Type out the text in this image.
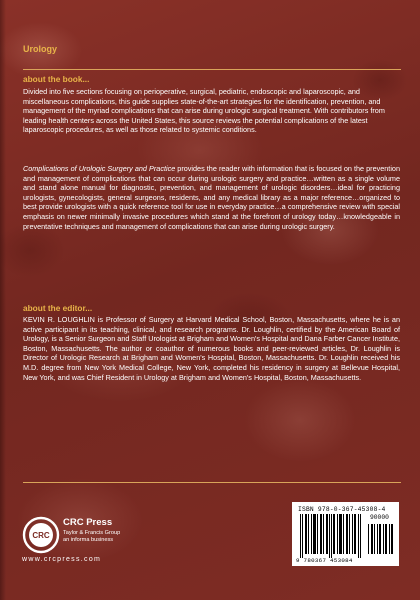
Urology

about the book...

Divided into five sections focusing on perioperative, surgical, pediatric, endoscopic and laparoscopic, and miscellaneous complications, this guide supplies state-of-the-art strategies for the identification, prevention, and management of the myriad complications that can arise during urologic surgical treatment. With contributors from leading health centers across the United States, this source reviews the potential complications of the latest laparoscopic procedures, as well as those related to systemic conditions.

Complications of Urologic Surgery and Practice provides the reader with information that is focused on the prevention and management of complications that can occur during urologic surgery and practice…written as a single volume and stand alone manual for diagnostic, prevention, and management of urologic disorders…ideal for practicing urologists, gynecologists, general surgeons, residents, and any medical library as a major reference…organized to best provide urologists with a quick reference tool for use in everyday practice…a comprehensive review with special emphasis on newer minimally invasive procedures which stand at the forefront of urology today…knowledgeable in preventative techniques and management of complications that can arise during urologic surgery.

about the editor...

KEVIN R. LOUGHLIN is Professor of Surgery at Harvard Medical School, Boston, Massachusetts, where he is an active participant in its teaching, clinical, and research programs. Dr. Loughlin, certified by the American Board of Urology, is a Senior Surgeon and Staff Urologist at Brigham and Women's Hospital and Dana Farber Cancer Institute, Boston, Massachusetts. The author or coauthor of numerous books and peer-reviewed articles, Dr. Loughlin is Director of Urologic Research at Brigham and Women's Hospital, Boston, Massachusetts. Dr. Loughlin received his M.D. degree from New York Medical College, New York, completed his residency in surgery at Bellevue Hospital, New York, and was Chief Resident in Urology at Brigham and Women's Hospital, Boston, Massachusetts.

ISBN 978-0-367-45308-4
90000
9 780367 453084
CRC

CRC Press

Taylor & Francis Group

an informa business

www.crcpress.com
